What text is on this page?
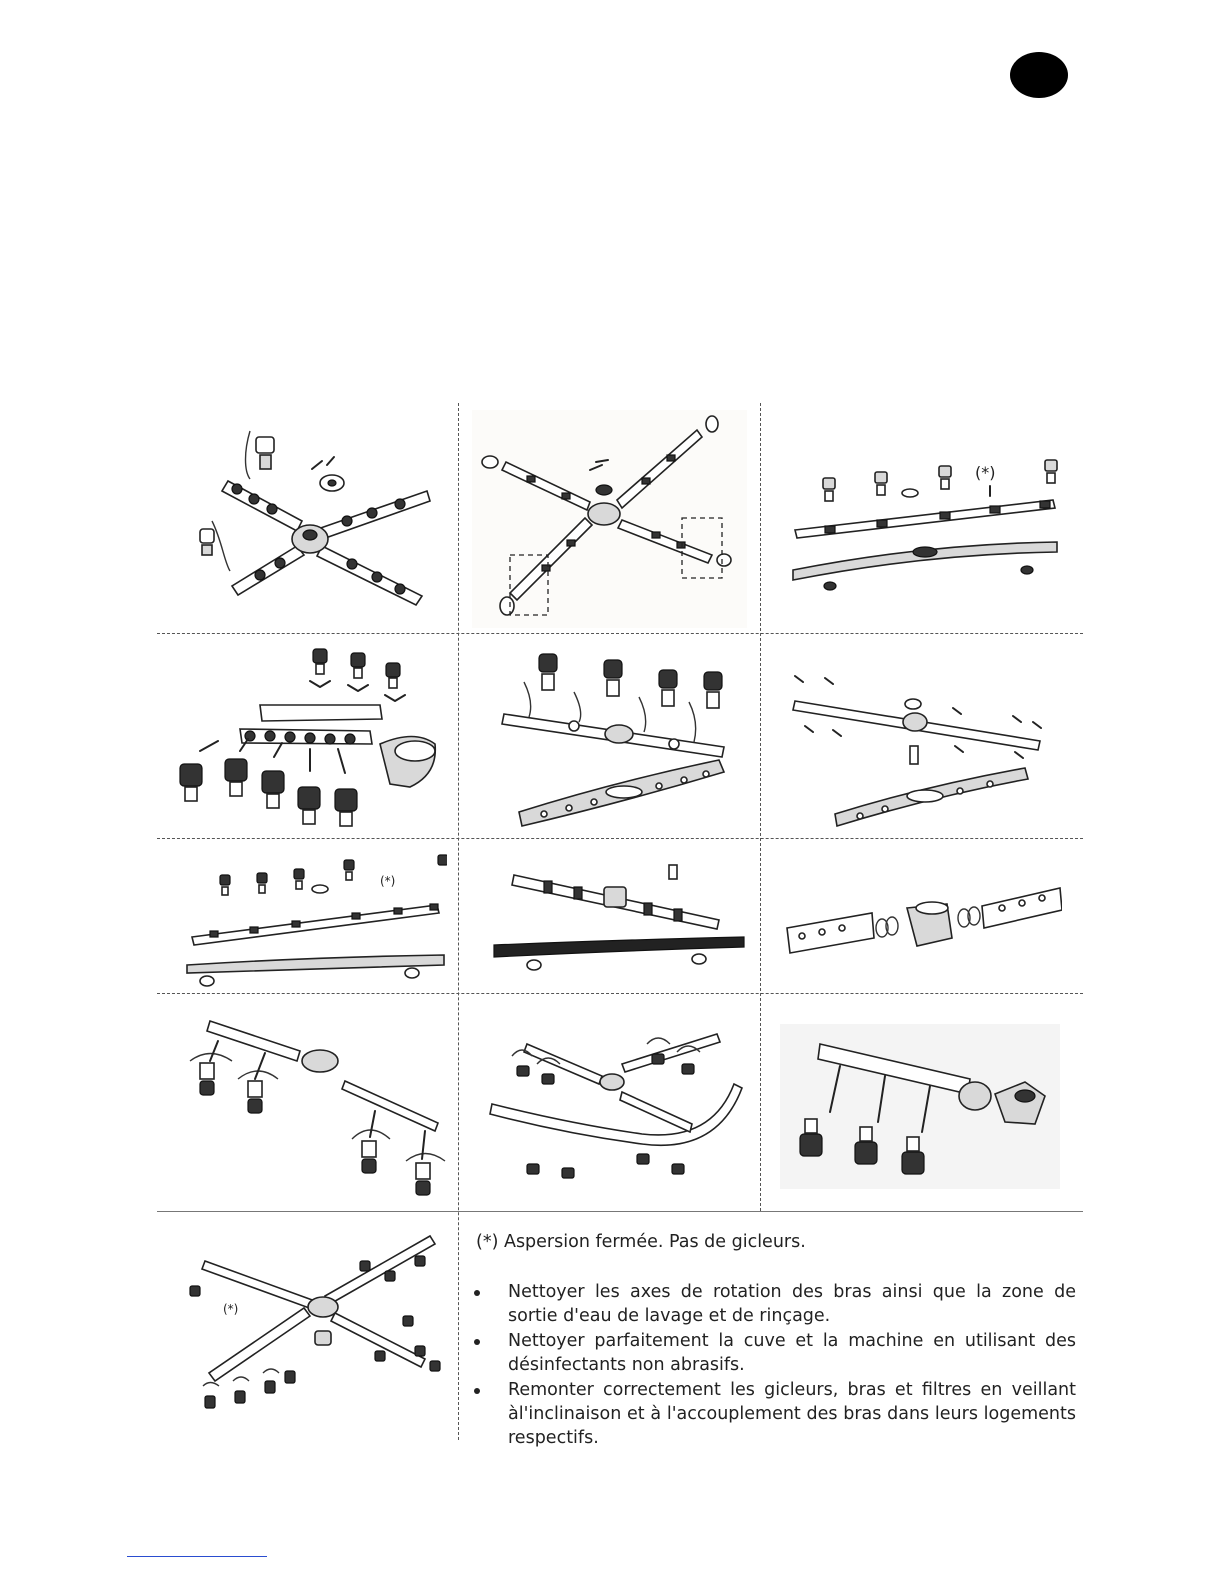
(*)
(*)
(*)
(*) Aspersion fermée. Pas de gicleurs.
Nettoyer les axes de rotation des bras ainsi que la zone de sortie d'eau de lavage et de rinçage.
Nettoyer parfaitement la cuve et la machine en utilisant des désinfectants non abrasifs.
Remonter correctement les gicleurs, bras et filtres en veillant àl'inclinaison et à l'accouplement des bras dans leurs logements respectifs.
